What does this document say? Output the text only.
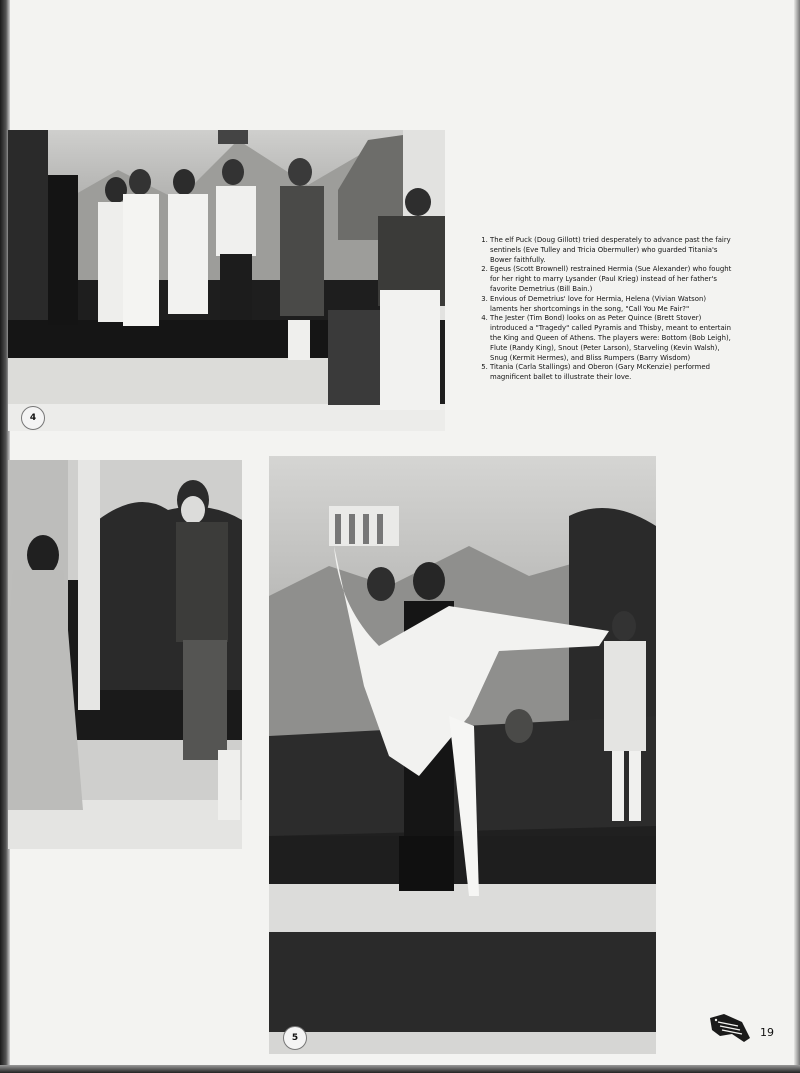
4
1. The elf Puck (Doug Gillott) tried desperately to advance past the fairy sentinels (Eve Tulley and Tricia Obermuller) who guarded Titania's Bower faithfully.
2. Egeus (Scott Brownell) restrained Hermia (Sue Alexander) who fought for her right to marry Lysander (Paul Krieg) instead of her father's favorite Demetrius (Bill Bain.)
3. Envious of Demetrius' love for Hermia, Helena (Vivian Watson) laments her shortcomings in the song, "Call You Me Fair?"
4. The Jester (Tim Bond) looks on as Peter Quince (Brett Stover) introduced a "Tragedy" called Pyramis and Thisby, meant to entertain the King and Queen of Athens. The players were: Bottom (Bob Leigh), Flute (Randy King), Snout (Peter Larson), Starveling (Kevin Walsh), Snug (Kermit Hermes), and Bliss Rumpers (Barry Wisdom)
5. Titania (Carla Stallings) and Oberon (Gary McKenzie) performed magnificent ballet to illustrate their love.
5	19
